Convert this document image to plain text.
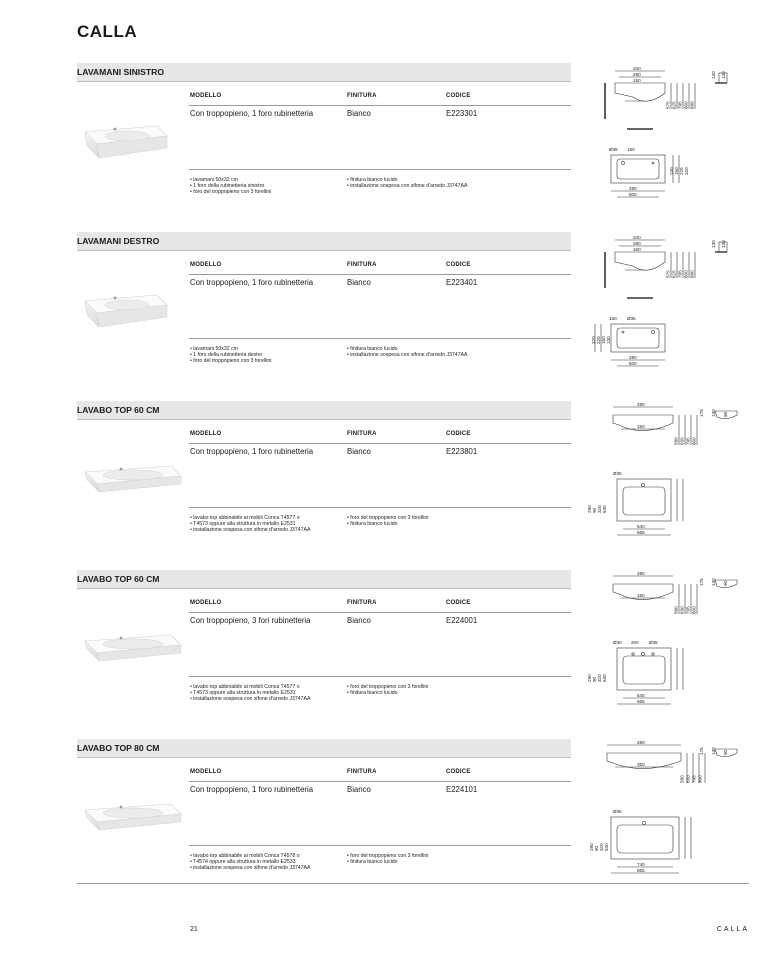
CALLA
LAVAMANI SINISTRO
MODELLO	FINITURA	CODICE
Con troppopieno, 1 foro rubinetteria	Bianco	E223301
• lavamani 50x32 cm
• 1 foro della rubinetteria sinistro
• foro del troppopieno con 3 forellini
• finitura bianco lucido
• installazione sospesa con sifone d'arredo J3747AA
340
280
150
575 625 795 800 890
130 130
Ø35 180
130 150 225 320
280
500
LAVAMANI DESTRO
MODELLO	FINITURA	CODICE
Con troppopieno, 1 foro rubinetteria	Bianco	E223401
• lavamani 50x32 cm
• 1 foro della rubinetteria destro
• foro del troppopieno con 3 forellini
• finitura bianco lucido
• installazione sospesa con sifone d'arredo J3747AA
340
280
150
575 625 795 800 890
130 130
180 Ø35
320 225 150 130
280
500
LAVABO TOP 60 CM
MODELLO	FINITURA	CODICE
Con troppopieno, 1 foro rubinetteria	Bianco	E223801
• lavabo top abbinabile ai mobili Conca T4577 o
• T4573 oppure alla struttura in metallo E2531
• installazione sospesa con sifone d'arredo J3747AA
• foro del troppopieno con 3 forellini
• finitura bianco lucido
280
150
580 630 795 800
175 130 90
Ø35
290 90 320 540
540
665
LAVABO TOP 60 CM
MODELLO	FINITURA	CODICE
Con troppopieno, 3 fori rubinetteria	Bianco	E224001
• lavabo top abbinabile ai mobili Conca T4577 o
• T4573 oppure alla struttura in metallo E2531
• installazione sospesa con sifone d'arredo J3747AA
• foro del troppopieno con 3 forellini
• finitura bianco lucido
280
150
580 630 795 800
175 130 90
Ø30 200 Ø35
290 90 320 540
540
665
LAVABO TOP 80 CM
MODELLO	FINITURA	CODICE
Con troppopieno, 1 foro rubinetteria	Bianco	E224101
• lavabo top abbinabile ai mobili Conca T4578 o
• T4574 oppure alla struttura in metallo E2533
• installazione sospesa con sifone d'arredo J3747AA
• foro del troppopieno con 3 forellini
• finitura bianco lucido
280
350
580 630 795 800
175 130 90
Ø35
290 90 320 540
740
865
21	CALLA
